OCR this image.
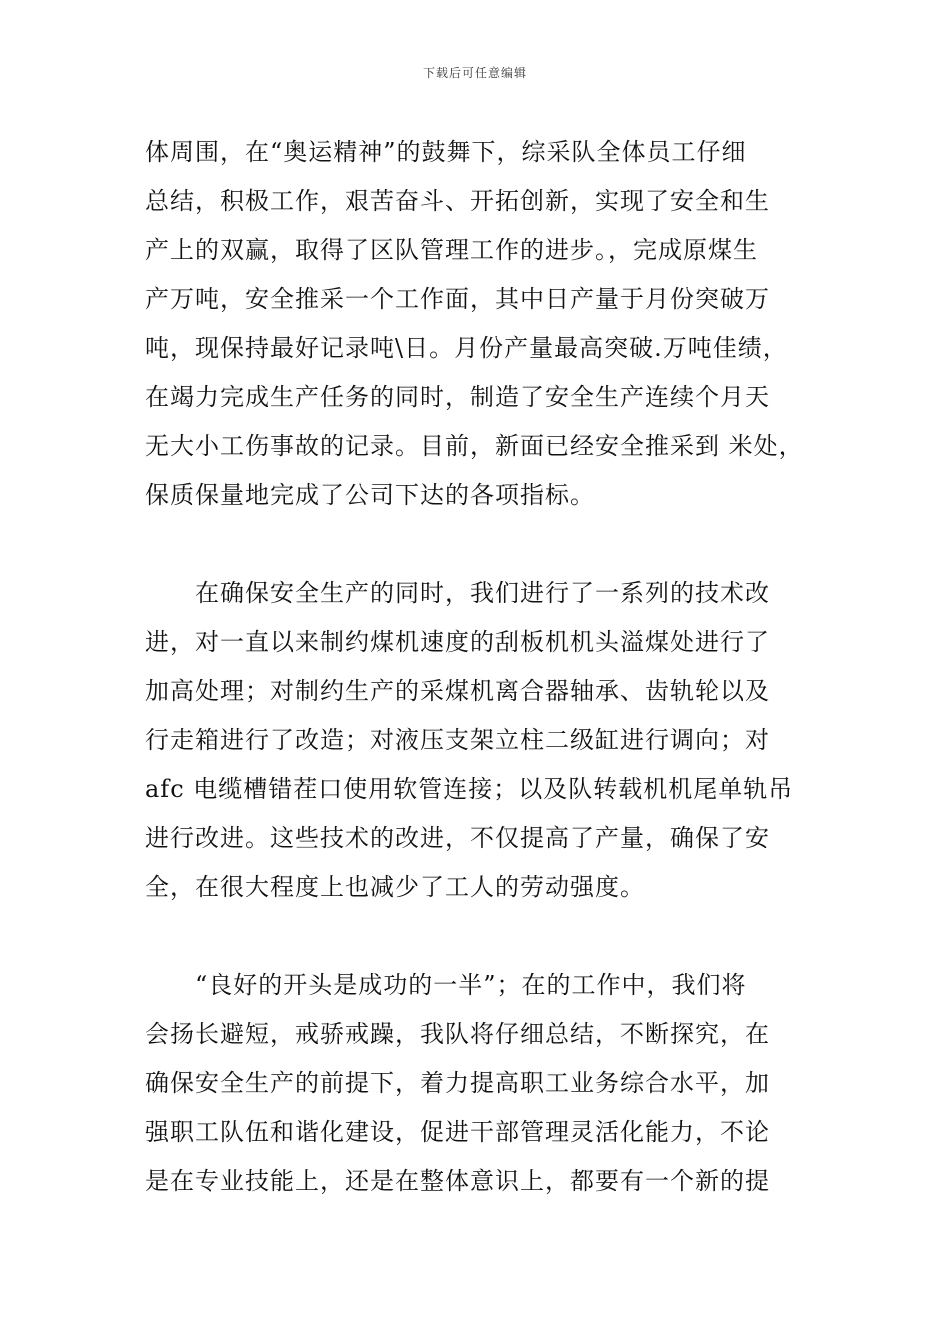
下载后可任意编辑
体周围，在“奥运精神”的鼓舞下，综采队全体员工仔细
总结，积极工作，艰苦奋斗、开拓创新，实现了安全和生
产上的双赢，取得了区队管理工作的进步。，完成原煤生
产万吨，安全推采一个工作面，其中日产量于月份突破万
吨，现保持最好记录吨\日。月份产量最高突破.万吨佳绩，
在竭力完成生产任务的同时，制造了安全生产连续个月天
无大小工伤事故的记录。目前，新面已经安全推采到 米处，
保质保量地完成了公司下达的各项指标。
　　在确保安全生产的同时，我们进行了一系列的技术改
进，对一直以来制约煤机速度的刮板机机头溢煤处进行了
加高处理；对制约生产的采煤机离合器轴承、齿轨轮以及
行走箱进行了改造；对液压支架立柱二级缸进行调向；对
afc 电缆槽错茬口使用软管连接；以及队转载机机尾单轨吊
进行改进。这些技术的改进，不仅提高了产量，确保了安
全，在很大程度上也减少了工人的劳动强度。
　　“良好的开头是成功的一半”；在的工作中，我们将
会扬长避短，戒骄戒躁，我队将仔细总结，不断探究，在
确保安全生产的前提下，着力提高职工业务综合水平，加
强职工队伍和谐化建设，促进干部管理灵活化能力，不论
是在专业技能上，还是在整体意识上，都要有一个新的提
